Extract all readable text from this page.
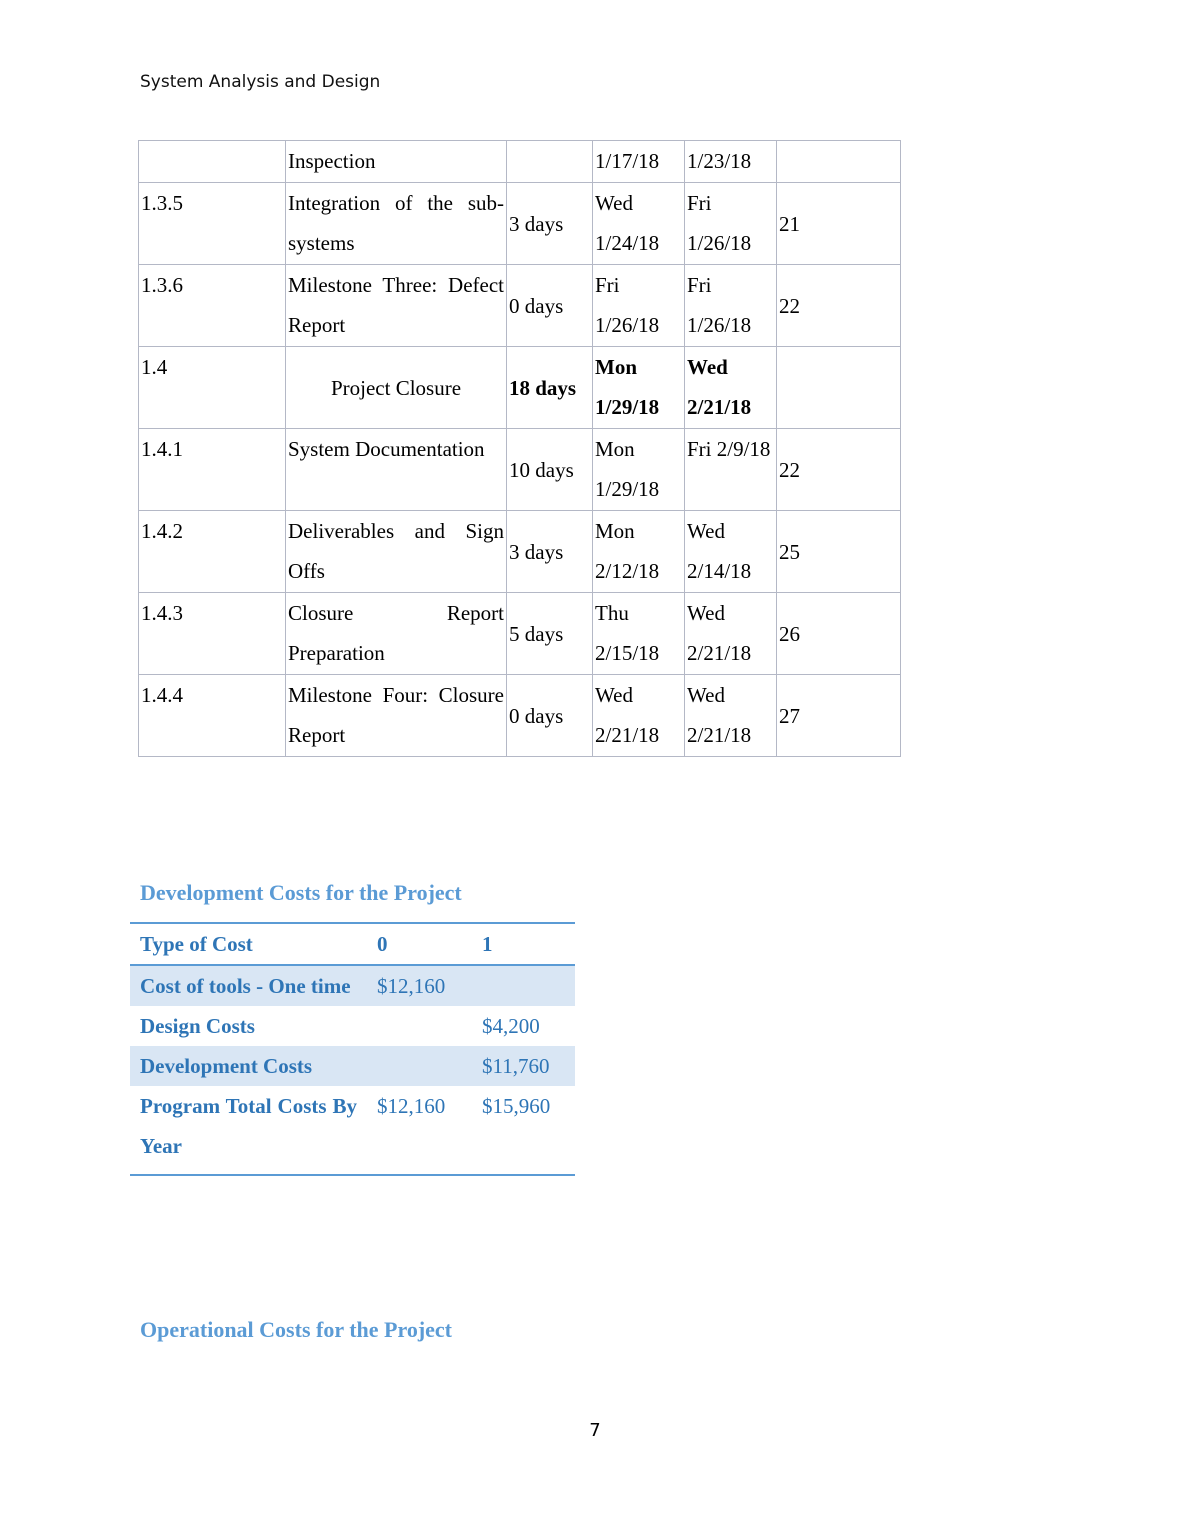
System Analysis and Design
	Inspection		1/17/18	1/23/18	
1.3.5	Integration of the sub-systems	3 days	Wed 1/24/18	Fri 1/26/18	21
1.3.6	Milestone Three: Defect Report	0 days	Fri 1/26/18	Fri 1/26/18	22
1.4	Project Closure	18 days	Mon 1/29/18	Wed 2/21/18	
1.4.1	System Documentation	10 days	Mon 1/29/18	Fri 2/9/18	22
1.4.2	Deliverables and Sign Offs	3 days	Mon 2/12/18	Wed 2/14/18	25
1.4.3	Closure Report Preparation	5 days	Thu 2/15/18	Wed 2/21/18	26
1.4.4	Milestone Four: Closure Report	0 days	Wed 2/21/18	Wed 2/21/18	27
Development Costs for the Project
Type of Cost	0	1
Cost of tools - One time	$12,160	
Design Costs		$4,200
Development Costs		$11,760
Program Total Costs By Year	$12,160	$15,960
Operational Costs for the Project
7
